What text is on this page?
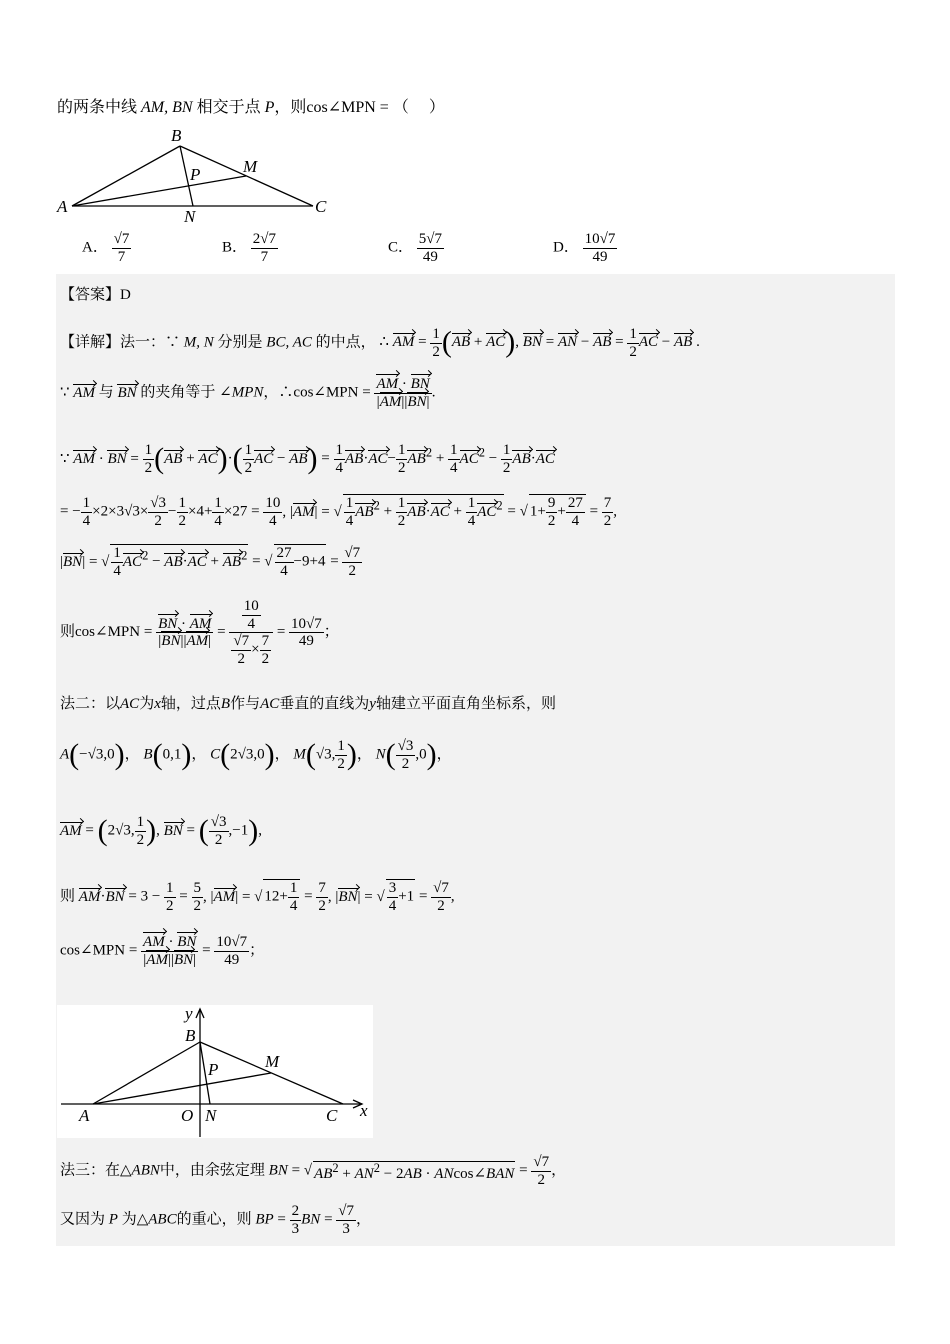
的两条中线 AM, BN 相交于点 P，则cos∠MPN = （　 ）
A
B
C
M
N
P
A． $\frac{√7}{7}$	B． $\frac{2√7}{7}$	C． $\frac{5√7}{49}$	D． $\frac{10√7}{49}$
【答案】D
【详解】法一：∵ M, N 分别是 BC, AC 的中点， ∴ AM = $\frac{1}{2} (AB + AC)$, BN = AN − AB = $\frac{1}{2}$ AC − AB .
∵ AM 与 BN 的夹角等于 ∠MPN，∴cos∠MPN = $\frac{AM \cdot BN}{|AM||BN|}$ .
∵ AM · BN = $\frac{1}{2} (AB + AC)\cdot( \frac{1}{2}$ AC − $AB) = \frac{1}{4} AB\cdot AC- \frac{1}{2} AB^2 + \frac{1}{4} AC^2 - \frac{1}{2} AB\cdot AC$
= − $\frac{1}{4} \times 2\times 3√3\times \frac{√3}{2} - \frac{1}{2} \times 4+ \frac{1}{4} \times 27 = \frac{10}{4}$ , |AM| = √ $\frac{1}{4} AB^2 + \frac{1}{2} AB\cdot AC + \frac{1}{4} AC^2$ = √ $1+ \frac{9}{2} + \frac{27}{4} = \frac{7}{2}$ ,
|BN| = √ $\frac{1}{4} AC^2 - AB\cdot AC + AB^2$ = √ $\frac{27}{4} -9+4 = \frac{√7}{2}$
则cos∠MPN = $\frac{BN \cdot AM}{|BN||AM|} = \frac{\frac{10}{4}}{\frac{√7}{2} \times \frac{7}{2}} = \frac{10√7}{49}$ ；
法二：以AC为x轴，过点B作与AC垂直的直线为y轴建立平面直角坐标系，则
A(−√3,0)， B(0,1)， C(2√3,0)， M(√3, $\frac{1}{2}$ )， $N( \frac{√3}{2} ,0)$，
AM = (2√3, $\frac{1}{2}$ ), BN = ( $\frac{√3}{2} ,-1$),
则 $AM\cdot BN = 3 - \frac{1}{2} = \frac{5}{2}$ , |AM| = √ $12+ \frac{1}{4} = \frac{7}{2}$ , |BN| = √ $\frac{3}{4} +1 = \frac{√7}{2}$ ,
cos∠MPN = $\frac{AM \cdot BN}{|AM||BN|} = \frac{10√7}{49}$ ；
y
B
M
P
A	O N	C x
法三：在△ABN中，由余弦定理 BN = √ $AB^2 + AN^2 - 2AB$ · ANcos∠BAN = $\frac{√7}{2}$ ，
又因为 P 为△ABC的重心，则 BP = $\frac{2}{3}$ BN = $\frac{√7}{3}$ ，
